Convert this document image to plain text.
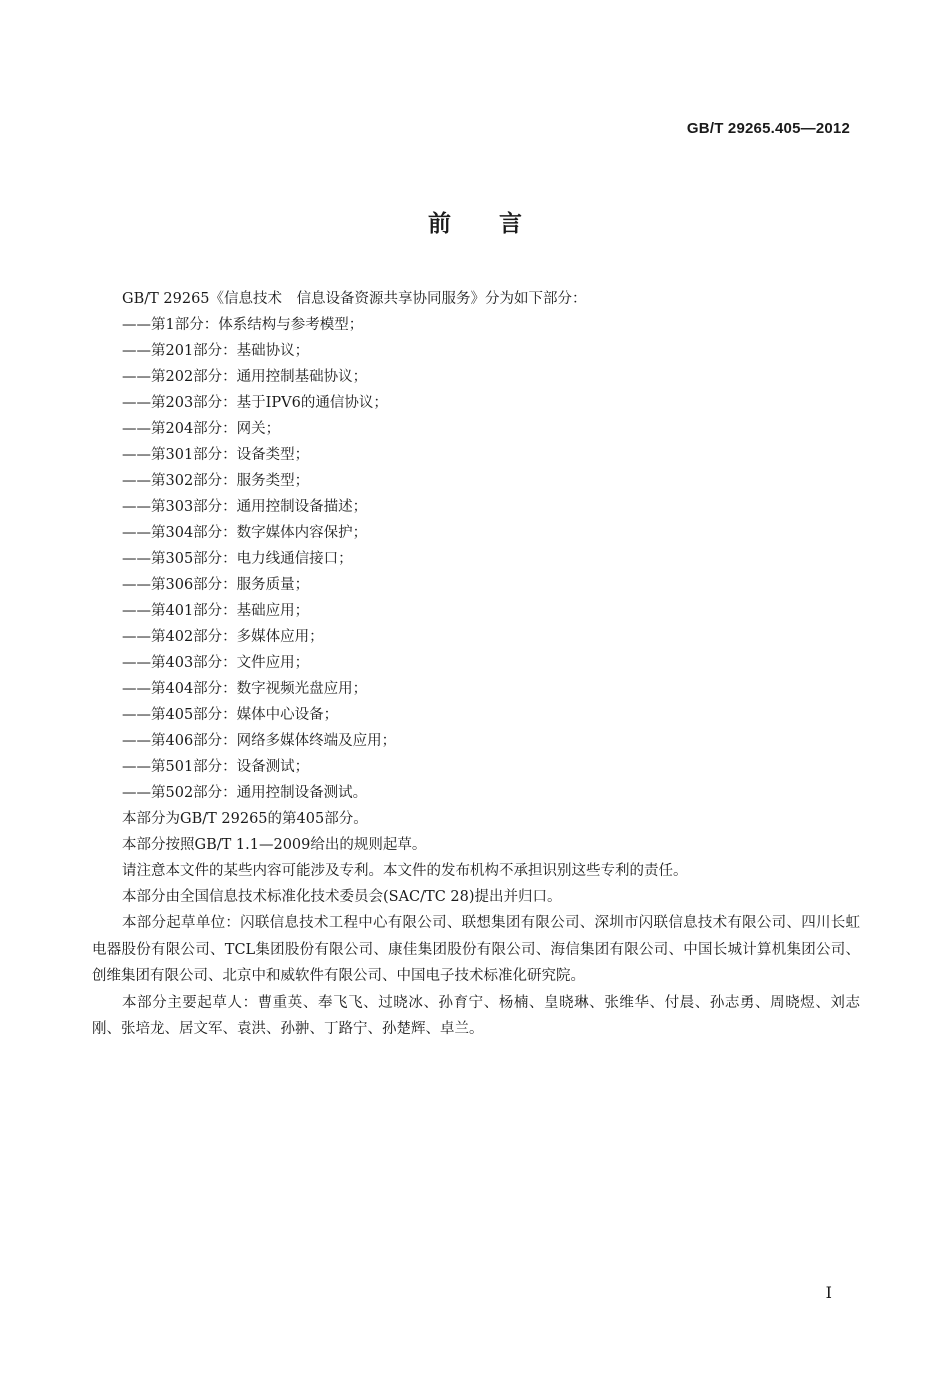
GB/T 29265.405—2012
前 言
GB/T 29265《信息技术　信息设备资源共享协同服务》分为如下部分：
——第1部分：体系结构与参考模型；
——第201部分：基础协议；
——第202部分：通用控制基础协议；
——第203部分：基于IPV6的通信协议；
——第204部分：网关；
——第301部分：设备类型；
——第302部分：服务类型；
——第303部分：通用控制设备描述；
——第304部分：数字媒体内容保护；
——第305部分：电力线通信接口；
——第306部分：服务质量；
——第401部分：基础应用；
——第402部分：多媒体应用；
——第403部分：文件应用；
——第404部分：数字视频光盘应用；
——第405部分：媒体中心设备；
——第406部分：网络多媒体终端及应用；
——第501部分：设备测试；
——第502部分：通用控制设备测试。
本部分为GB/T 29265的第405部分。
本部分按照GB/T 1.1—2009给出的规则起草。
请注意本文件的某些内容可能涉及专利。本文件的发布机构不承担识别这些专利的责任。
本部分由全国信息技术标准化技术委员会(SAC/TC 28)提出并归口。
本部分起草单位：闪联信息技术工程中心有限公司、联想集团有限公司、深圳市闪联信息技术有限公司、四川长虹电器股份有限公司、TCL集团股份有限公司、康佳集团股份有限公司、海信集团有限公司、中国长城计算机集团公司、创维集团有限公司、北京中和威软件有限公司、中国电子技术标准化研究院。
本部分主要起草人：曹重英、奉飞飞、过晓冰、孙育宁、杨楠、皇晓琳、张维华、付晨、孙志勇、周晓煜、刘志刚、张培龙、居文军、袁洪、孙翀、丁路宁、孙楚辉、卓兰。
I
